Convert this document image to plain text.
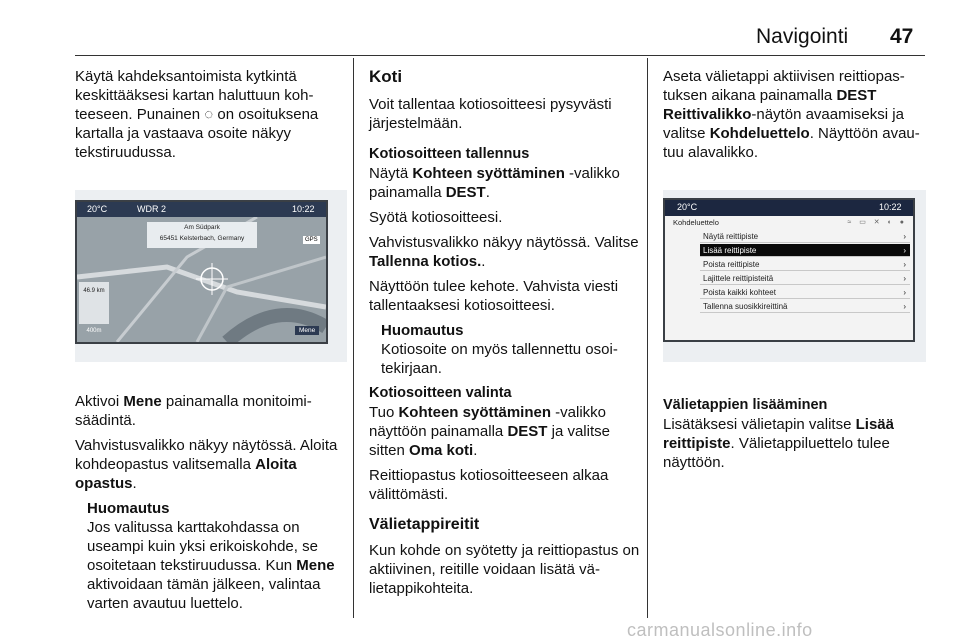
Navigointi 47

Käytä kahdeksantoimista kytkintä keskittääksesi kartan haluttuun kohteeseen. Punainen ◌ on osoituksena kartalla ja vastaava osoite näkyy tekstiruudussa.

20°C	WDR 2	10:22
Am Südpark
65451 Kelsterbach, Germany	GPS
46.9 km
400m	Mene

Aktivoi Mene painamalla monitoimisäädintä.

Vahvistusvalikko näkyy näytössä. Aloita kohdeopastus valitsemalla Aloita opastus.

Huomautus
Jos valitussa karttakohdassa on useampi kuin yksi erikoiskohde, se osoitetaan tekstiruudussa. Kun Mene aktivoidaan tämän jälkeen, valintaa varten avautuu luettelo.
Koti

Voit tallentaa kotiosoitteesi pysyvästi järjestelmään.

Kotiosoitteen tallennus

Näytä Kohteen syöttäminen -valikko painamalla DEST.

Syötä kotiosoitteesi.

Vahvistusvalikko näkyy näytössä. Valitse Tallenna kotios..

Näyttöön tulee kehote. Vahvista viesti tallentaaksesi kotiosoitteesi.

Huomautus
Kotiosoite on myös tallennettu osoitekirjaan.
Kotiosoitteen valinta

Tuo Kohteen syöttäminen -valikko näyttöön painamalla DEST ja valitse sitten Oma koti.

Reittiopastus kotiosoitteeseen alkaa välittömästi.

Välietappireitit

Kun kohde on syötetty ja reittiopastus on aktiivinen, reitille voidaan lisätä välietappikohteita.

Aseta välietappi aktiivisen reittiopastuksen aikana painamalla DEST Reittivalikko-näytön avaamiseksi ja valitse Kohdeluettelo. Näyttöön avautuu alavalikko.

20°C	10:22
Kohdeluettelo	≈ ▭ ✕ ◐ ●
Näytä reittipiste	›
Lisää reittipiste	›
Poista reittipiste	›
Lajittele reittipisteitä	›
Poista kaikki kohteet	›
Tallenna suosikkireittinä	›
Välietappien lisääminen

Lisätäksesi välietapin valitse Lisää reittipiste. Välietappiluettelo tulee näyttöön.

carmanualsonline.info
